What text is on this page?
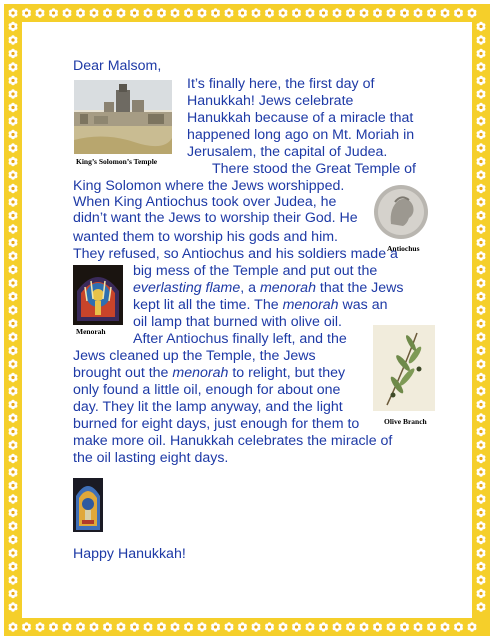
Dear Malsom,
King’s Solomon’s Temple
It’s finally here, the first day of
Hanukkah! Jews celebrate
Hanukkah because of a miracle that
happened long ago on Mt. Moriah in
Jerusalem, the capital of Judea.
There stood the Great Temple of
King Solomon where the Jews worshipped.
When King Antiochus took over Judea, he
didn’t want the Jews to worship their God. He
Antiochus
wanted them to worship his gods and him.
They refused, so Antiochus and his soldiers made a
big mess of the Temple and put out the
Menorah
everlasting flame, a menorah that the Jews
kept lit all the time. The menorah was an
oil lamp that burned with olive oil.
After Antiochus finally left, and the
Olive Branch
Jews cleaned up the Temple, the Jews
brought out the menorah to relight, but they
only found a little oil, enough for about one
day. They lit the lamp anyway, and the light
burned for eight days, just enough for them to
make more oil. Hanukkah celebrates the miracle of
the oil lasting eight days.
Happy Hanukkah!
